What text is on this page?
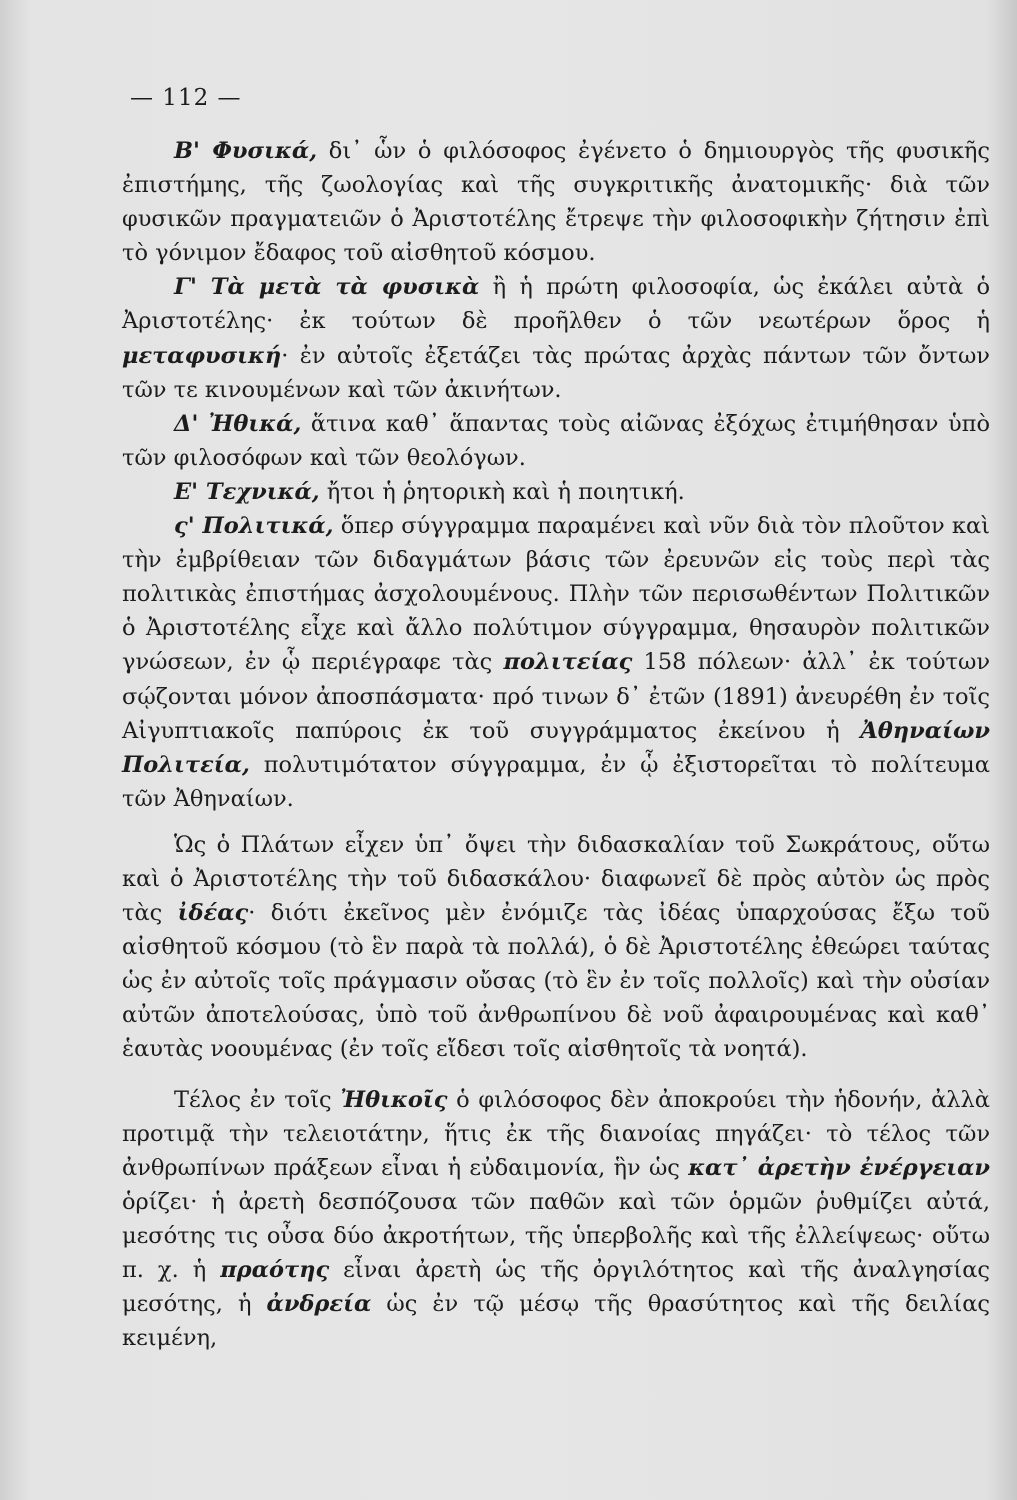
— 112 —

Β' Φυσικά, δι᾽ ὧν ὁ φιλόσοφος ἐγένετο ὁ δημιουργὸς τῆς φυσικῆς ἐπιστήμης, τῆς ζωολογίας καὶ τῆς συγκριτικῆς ἀνατομικῆς· διὰ τῶν φυσικῶν πραγματειῶν ὁ Ἀριστοτέλης ἔτρεψε τὴν φιλοσοφικὴν ζήτησιν ἐπὶ τὸ γόνιμον ἔδαφος τοῦ αἰσθητοῦ κόσμου.

Γ' Τὰ μετὰ τὰ φυσικὰ ἢ ἡ πρώτη φιλοσοφία, ὡς ἐκάλει αὐτὰ ὁ Ἀριστοτέλης· ἐκ τούτων δὲ προῆλθεν ὁ τῶν νεωτέρων ὅρος ἡ μεταφυσική· ἐν αὐτοῖς ἐξετάζει τὰς πρώτας ἀρχὰς πάντων τῶν ὄντων τῶν τε κινουμένων καὶ τῶν ἀκινήτων.

Δ' Ἠθικά, ἅτινα καθ᾽ ἅπαντας τοὺς αἰῶνας ἐξόχως ἐτιμήθησαν ὑπὸ τῶν φιλοσόφων καὶ τῶν θεολόγων.

Ε' Τεχνικά, ἤτοι ἡ ῥητορικὴ καὶ ἡ ποιητική.

ς' Πολιτικά, ὅπερ σύγγραμμα παραμένει καὶ νῦν διὰ τὸν πλοῦτον καὶ τὴν ἐμβρίθειαν τῶν διδαγμάτων βάσις τῶν ἐρευνῶν εἰς τοὺς περὶ τὰς πολιτικὰς ἐπιστήμας ἀσχολουμένους. Πλὴν τῶν περισωθέντων Πολιτικῶν ὁ Ἀριστοτέλης εἶχε καὶ ἄλλο πολύτιμον σύγγραμμα, θησαυρὸν πολιτικῶν γνώσεων, ἐν ᾧ περιέγραφε τὰς πολιτείας 158 πόλεων· ἀλλ᾽ ἐκ τούτων σῴζονται μόνον ἀποσπάσματα· πρό τινων δ᾽ ἐτῶν (1891) ἀνευρέθη ἐν τοῖς Αἰγυπτιακοῖς παπύροις ἐκ τοῦ συγγράμματος ἐκείνου ἡ Ἀθηναίων Πολιτεία, πολυτιμότατον σύγγραμμα, ἐν ᾧ ἐξιστορεῖται τὸ πολίτευμα τῶν Ἀθηναίων.

Ὡς ὁ Πλάτων εἶχεν ὑπ᾽ ὄψει τὴν διδασκαλίαν τοῦ Σωκράτους, οὕτω καὶ ὁ Ἀριστοτέλης τὴν τοῦ διδασκάλου· διαφωνεῖ δὲ πρὸς αὐτὸν ὡς πρὸς τὰς ἰδέας· διότι ἐκεῖνος μὲν ἐνόμιζε τὰς ἰδέας ὑπαρχούσας ἔξω τοῦ αἰσθητοῦ κόσμου (τὸ ἓν παρὰ τὰ πολλά), ὁ δὲ Ἀριστοτέλης ἐθεώρει ταύτας ὡς ἐν αὐτοῖς τοῖς πράγμασιν οὔσας (τὸ ἓν ἐν τοῖς πολλοῖς) καὶ τὴν οὐσίαν αὐτῶν ἀποτελούσας, ὑπὸ τοῦ ἀνθρωπίνου δὲ νοῦ ἀφαιρουμένας καὶ καθ᾽ ἑαυτὰς νοουμένας (ἐν τοῖς εἴδεσι τοῖς αἰσθητοῖς τὰ νοητά).

Τέλος ἐν τοῖς Ἠθικοῖς ὁ φιλόσοφος δὲν ἀποκρούει τὴν ἡδονήν, ἀλλὰ προτιμᾷ τὴν τελειοτάτην, ἥτις ἐκ τῆς διανοίας πηγάζει· τὸ τέλος τῶν ἀνθρωπίνων πράξεων εἶναι ἡ εὐδαιμονία, ἣν ὡς κατ᾽ ἀρετὴν ἐνέργειαν ὁρίζει· ἡ ἀρετὴ δεσπόζουσα τῶν παθῶν καὶ τῶν ὁρμῶν ῥυθμίζει αὐτά, μεσότης τις οὖσα δύο ἀκροτήτων, τῆς ὑπερβολῆς καὶ τῆς ἐλλείψεως· οὕτω π. χ. ἡ πραότης εἶναι ἀρετὴ ὡς τῆς ὀργιλότητος καὶ τῆς ἀναλγησίας μεσότης, ἡ ἀνδρεία ὡς ἐν τῷ μέσῳ τῆς θρασύτητος καὶ τῆς δειλίας κειμένη,
